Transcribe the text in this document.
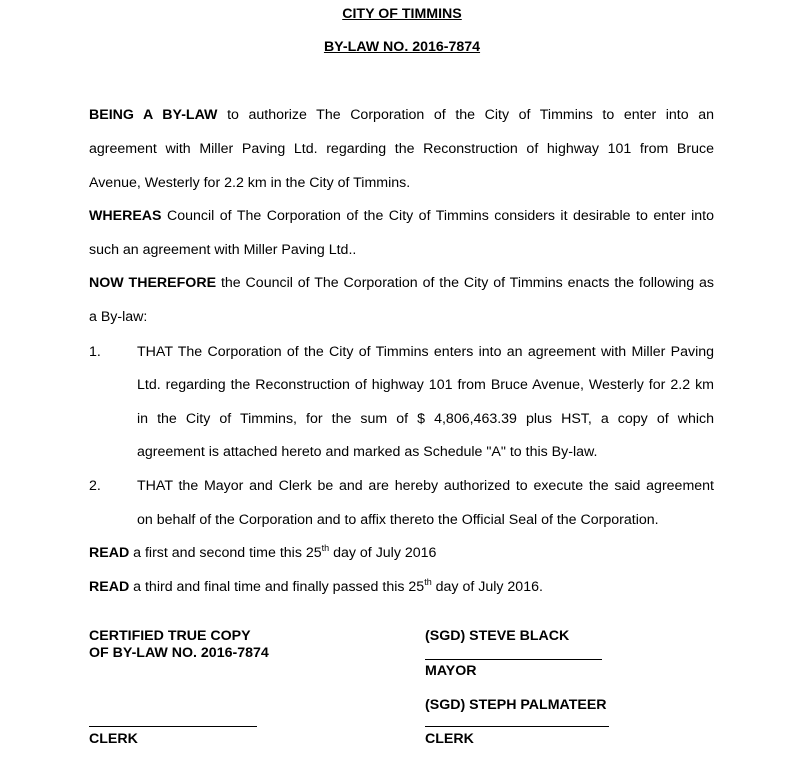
CITY OF TIMMINS
BY-LAW NO. 2016-7874
BEING A BY-LAW to authorize The Corporation of the City of Timmins to enter into an
agreement with Miller Paving Ltd. regarding the Reconstruction of highway 101 from Bruce
Avenue, Westerly for 2.2 km in the City of Timmins.
WHEREAS Council of The Corporation of the City of Timmins considers it desirable to enter into
such an agreement with Miller Paving Ltd..
NOW THEREFORE the Council of The Corporation of the City of Timmins enacts the following as
a By-law:
1.	THAT The Corporation of the City of Timmins enters into an agreement with Miller Paving
Ltd. regarding the Reconstruction of highway 101 from Bruce Avenue, Westerly for 2.2 km
in the City of Timmins, for the sum of $ 4,806,463.39 plus HST, a copy of which
agreement is attached hereto and marked as Schedule "A" to this By-law.
2.	THAT the Mayor and Clerk be and are hereby authorized to execute the said agreement
on behalf of the Corporation and to affix thereto the Official Seal of the Corporation.
READ a first and second time this 25th day of July 2016
READ a third and final time and finally passed this 25th day of July 2016.
CERTIFIED TRUE COPY
OF BY-LAW NO. 2016-7874
CLERK
(SGD) STEVE BLACK
MAYOR
(SGD) STEPH PALMATEER
CLERK
